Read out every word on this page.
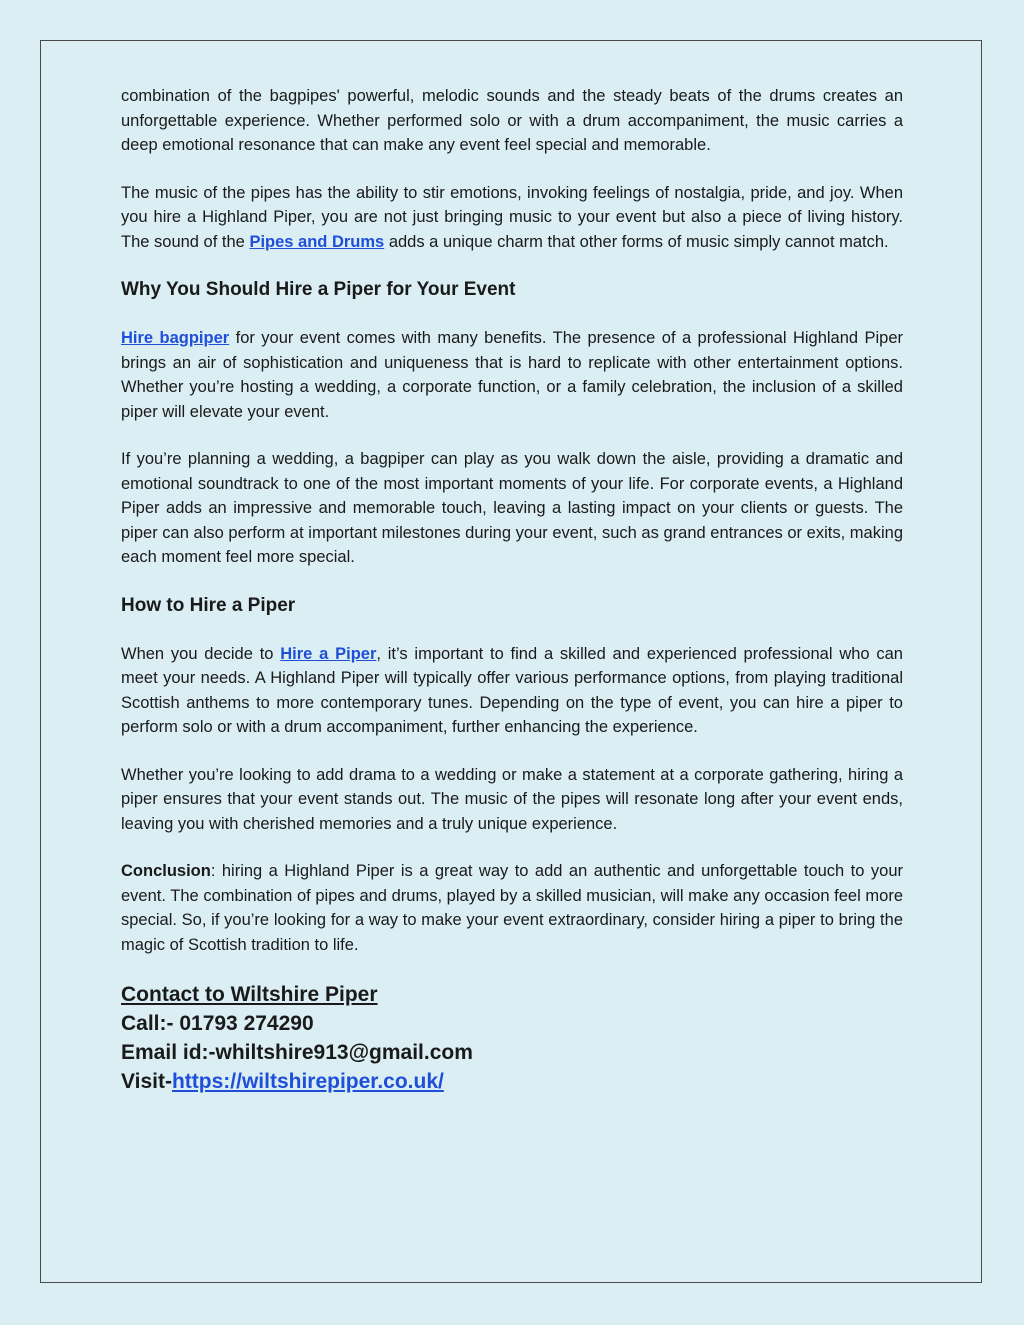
combination of the bagpipes' powerful, melodic sounds and the steady beats of the drums creates an unforgettable experience. Whether performed solo or with a drum accompaniment, the music carries a deep emotional resonance that can make any event feel special and memorable.

The music of the pipes has the ability to stir emotions, invoking feelings of nostalgia, pride, and joy. When you hire a Highland Piper, you are not just bringing music to your event but also a piece of living history. The sound of the Pipes and Drums adds a unique charm that other forms of music simply cannot match.

Why You Should Hire a Piper for Your Event

Hire bagpiper for your event comes with many benefits. The presence of a professional Highland Piper brings an air of sophistication and uniqueness that is hard to replicate with other entertainment options. Whether you’re hosting a wedding, a corporate function, or a family celebration, the inclusion of a skilled piper will elevate your event.

If you’re planning a wedding, a bagpiper can play as you walk down the aisle, providing a dramatic and emotional soundtrack to one of the most important moments of your life. For corporate events, a Highland Piper adds an impressive and memorable touch, leaving a lasting impact on your clients or guests. The piper can also perform at important milestones during your event, such as grand entrances or exits, making each moment feel more special.

How to Hire a Piper

When you decide to Hire a Piper, it’s important to find a skilled and experienced professional who can meet your needs. A Highland Piper will typically offer various performance options, from playing traditional Scottish anthems to more contemporary tunes. Depending on the type of event, you can hire a piper to perform solo or with a drum accompaniment, further enhancing the experience.

Whether you’re looking to add drama to a wedding or make a statement at a corporate gathering, hiring a piper ensures that your event stands out. The music of the pipes will resonate long after your event ends, leaving you with cherished memories and a truly unique experience.

Conclusion: hiring a Highland Piper is a great way to add an authentic and unforgettable touch to your event. The combination of pipes and drums, played by a skilled musician, will make any occasion feel more special. So, if you’re looking for a way to make your event extraordinary, consider hiring a piper to bring the magic of Scottish tradition to life.

Contact to Wiltshire Piper
Call:- 01793 274290
Email id:-whiltshire913@gmail.com
Visit-https://wiltshirepiper.co.uk/
